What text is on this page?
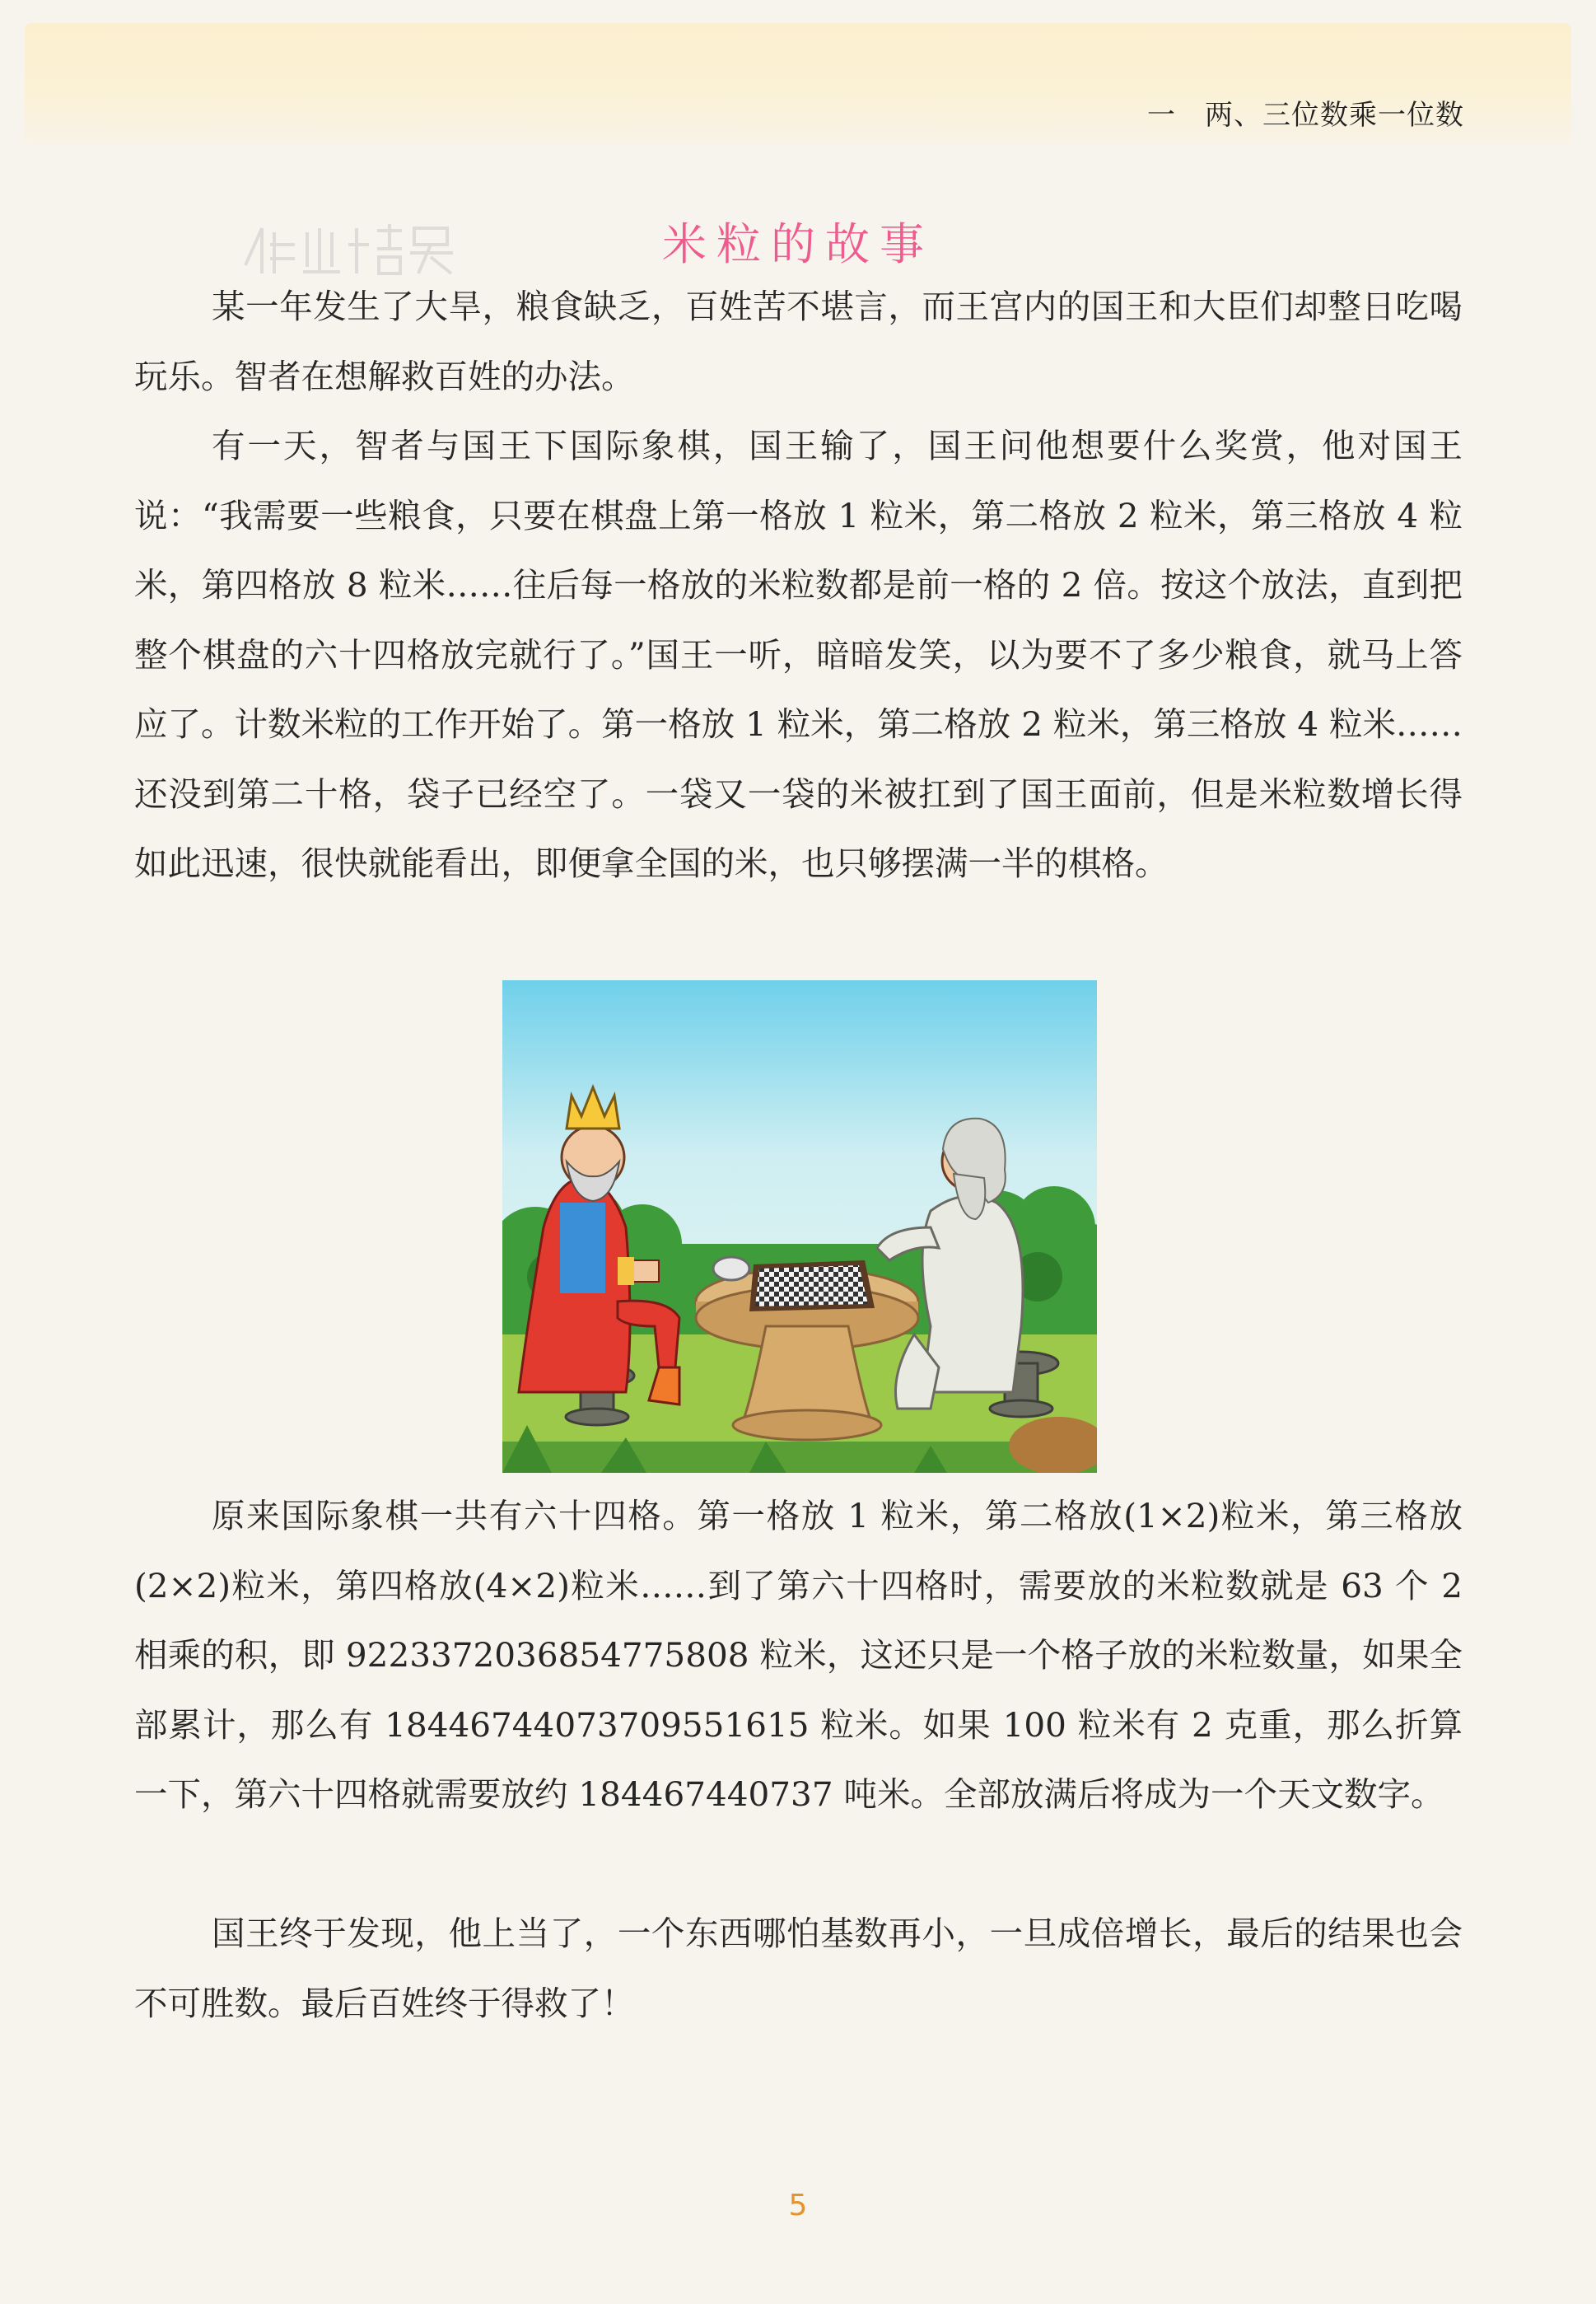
一　两、三位数乘一位数
米粒的故事

某一年发生了大旱，粮食缺乏，百姓苦不堪言，而王宫内的国王和大臣们却整日吃喝玩乐。智者在想解救百姓的办法。

有一天，智者与国王下国际象棋，国王输了，国王问他想要什么奖赏，他对国王说：“我需要一些粮食，只要在棋盘上第一格放 1 粒米，第二格放 2 粒米，第三格放 4 粒米，第四格放 8 粒米……往后每一格放的米粒数都是前一格的 2 倍。按这个放法，直到把整个棋盘的六十四格放完就行了。”国王一听，暗暗发笑，以为要不了多少粮食，就马上答应了。计数米粒的工作开始了。第一格放 1 粒米，第二格放 2 粒米，第三格放 4 粒米……还没到第二十格，袋子已经空了。一袋又一袋的米被扛到了国王面前，但是米粒数增长得如此迅速，很快就能看出，即便拿全国的米，也只够摆满一半的棋格。

原来国际象棋一共有六十四格。第一格放 1 粒米，第二格放(1×2)粒米，第三格放(2×2)粒米，第四格放(4×2)粒米……到了第六十四格时，需要放的米粒数就是 63 个 2 相乘的积，即 9223372036854775808 粒米，这还只是一个格子放的米粒数量，如果全部累计，那么有 18446744073709551615 粒米。如果 100 粒米有 2 克重，那么折算一下，第六十四格就需要放约 184467440737 吨米。全部放满后将成为一个天文数字。

国王终于发现，他上当了，一个东西哪怕基数再小，一旦成倍增长，最后的结果也会不可胜数。最后百姓终于得救了！

5
